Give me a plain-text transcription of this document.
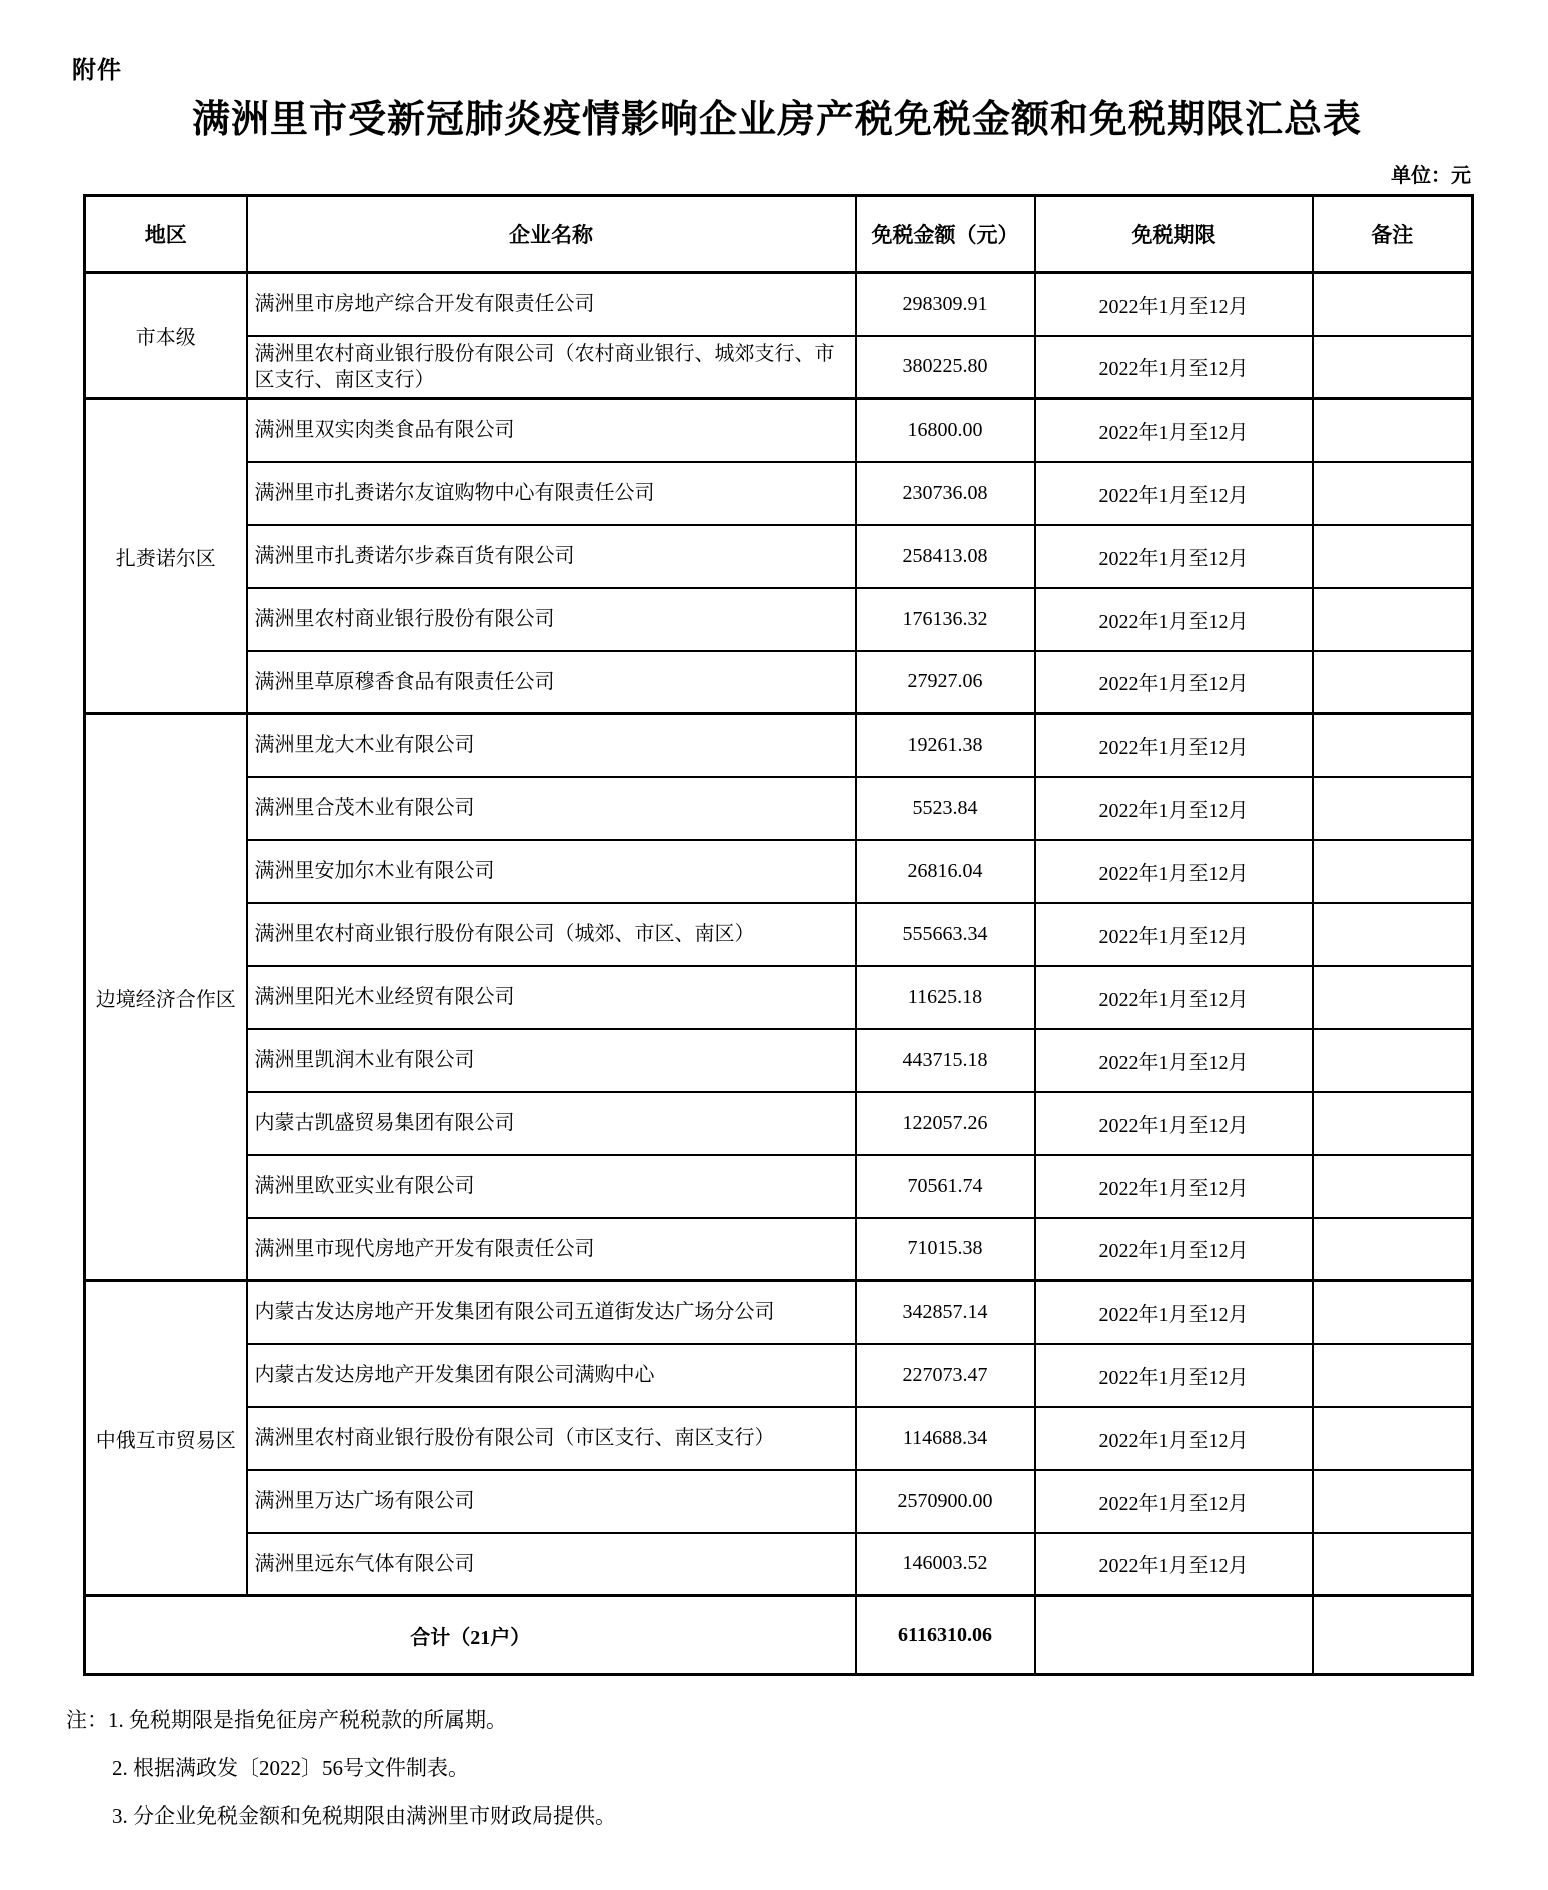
附件
满洲里市受新冠肺炎疫情影响企业房产税免税金额和免税期限汇总表
单位：元
地区	企业名称	免税金额（元）	免税期限	备注
市本级	满洲里市房地产综合开发有限责任公司	298309.91	2022年1月至12月	
	满洲里农村商业银行股份有限公司（农村商业银行、城郊支行、市区支行、南区支行）	380225.80	2022年1月至12月	
扎赉诺尔区	满洲里双实肉类食品有限公司	16800.00	2022年1月至12月	
	满洲里市扎赉诺尔友谊购物中心有限责任公司	230736.08	2022年1月至12月	
	满洲里市扎赉诺尔步森百货有限公司	258413.08	2022年1月至12月	
	满洲里农村商业银行股份有限公司	176136.32	2022年1月至12月	
	满洲里草原穆香食品有限责任公司	27927.06	2022年1月至12月	
边境经济合作区	满洲里龙大木业有限公司	19261.38	2022年1月至12月	
	满洲里合茂木业有限公司	5523.84	2022年1月至12月	
	满洲里安加尔木业有限公司	26816.04	2022年1月至12月	
	满洲里农村商业银行股份有限公司（城郊、市区、南区）	555663.34	2022年1月至12月	
	满洲里阳光木业经贸有限公司	11625.18	2022年1月至12月	
	满洲里凯润木业有限公司	443715.18	2022年1月至12月	
	内蒙古凯盛贸易集团有限公司	122057.26	2022年1月至12月	
	满洲里欧亚实业有限公司	70561.74	2022年1月至12月	
	满洲里市现代房地产开发有限责任公司	71015.38	2022年1月至12月	
中俄互市贸易区	内蒙古发达房地产开发集团有限公司五道街发达广场分公司	342857.14	2022年1月至12月	
	内蒙古发达房地产开发集团有限公司满购中心	227073.47	2022年1月至12月	
	满洲里农村商业银行股份有限公司（市区支行、南区支行）	114688.34	2022年1月至12月	
	满洲里万达广场有限公司	2570900.00	2022年1月至12月	
	满洲里远东气体有限公司	146003.52	2022年1月至12月	
合计（21户）		6116310.06		
注：1. 免税期限是指免征房产税税款的所属期。
2. 根据满政发〔2022〕56号文件制表。
3. 分企业免税金额和免税期限由满洲里市财政局提供。
